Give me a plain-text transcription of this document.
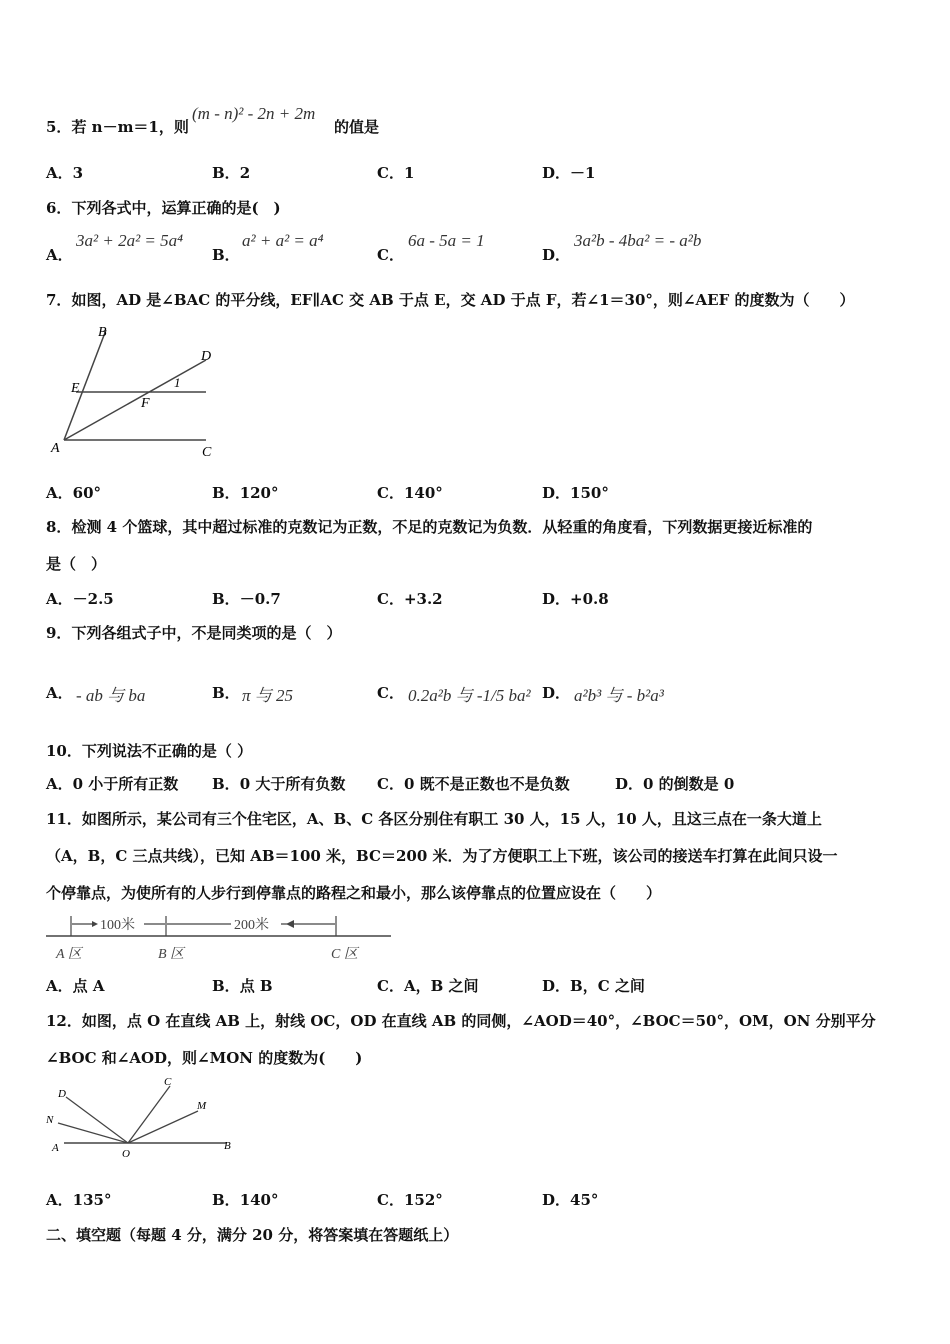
5．若 n－m＝1，则
(m - n)² - 2n + 2m
的值是
A．3	B．2	C．1	D．－1
6．下列各式中，运算正确的是(　)
A．
3a² + 2a² = 5a⁴
B．
a² + a² = a⁴
C．
6a - 5a = 1
D．
3a²b - 4ba² = - a²b
7．如图，AD 是∠BAC 的平分线，EF∥AC 交 AB 于点 E，交 AD 于点 F，若∠1＝30°，则∠AEF 的度数为（　　）
B
D
E
F
1
A	C
A．60°	B．120°	C．140°	D．150°
8．检测 4 个篮球，其中超过标准的克数记为正数，不足的克数记为负数．从轻重的角度看，下列数据更接近标准的
是（　）
A．－2.5	B．－0.7	C．+3.2	D．+0.8
9．下列各组式子中，不是同类项的是（　）
A． - ab 与 ba	B． π 与 25	C． 0.2a²b 与 -1/5 ba² D． a²b³ 与 - b²a³
10．下列说法不正确的是（ ）
A．0 小于所有正数 B．0 大于所有负数 C．0 既不是正数也不是负数	D．0 的倒数是 0
11．如图所示，某公司有三个住宅区，A、B、C 各区分别住有职工 30 人，15 人，10 人，且这三点在一条大道上
（A，B，C 三点共线），已知 AB＝100 米，BC＝200 米．为了方便职工上下班，该公司的接送车打算在此间只设一
个停靠点，为使所有的人步行到停靠点的路程之和最小，那么该停靠点的位置应设在（　　）
100米	200米
A 区	B 区	C 区
A．点 A	B．点 B	C．A，B 之间	D．B，C 之间
12．如图，点 O 在直线 AB 上，射线 OC，OD 在直线 AB 的同侧，∠AOD＝40°，∠BOC＝50°，OM，ON 分别平分
∠BOC 和∠AOD，则∠MON 的度数为(　　)
D
C
M
N
A	O
B
A．135°	B．140°	C．152°	D．45°
二、填空题（每题 4 分，满分 20 分，将答案填在答题纸上）
